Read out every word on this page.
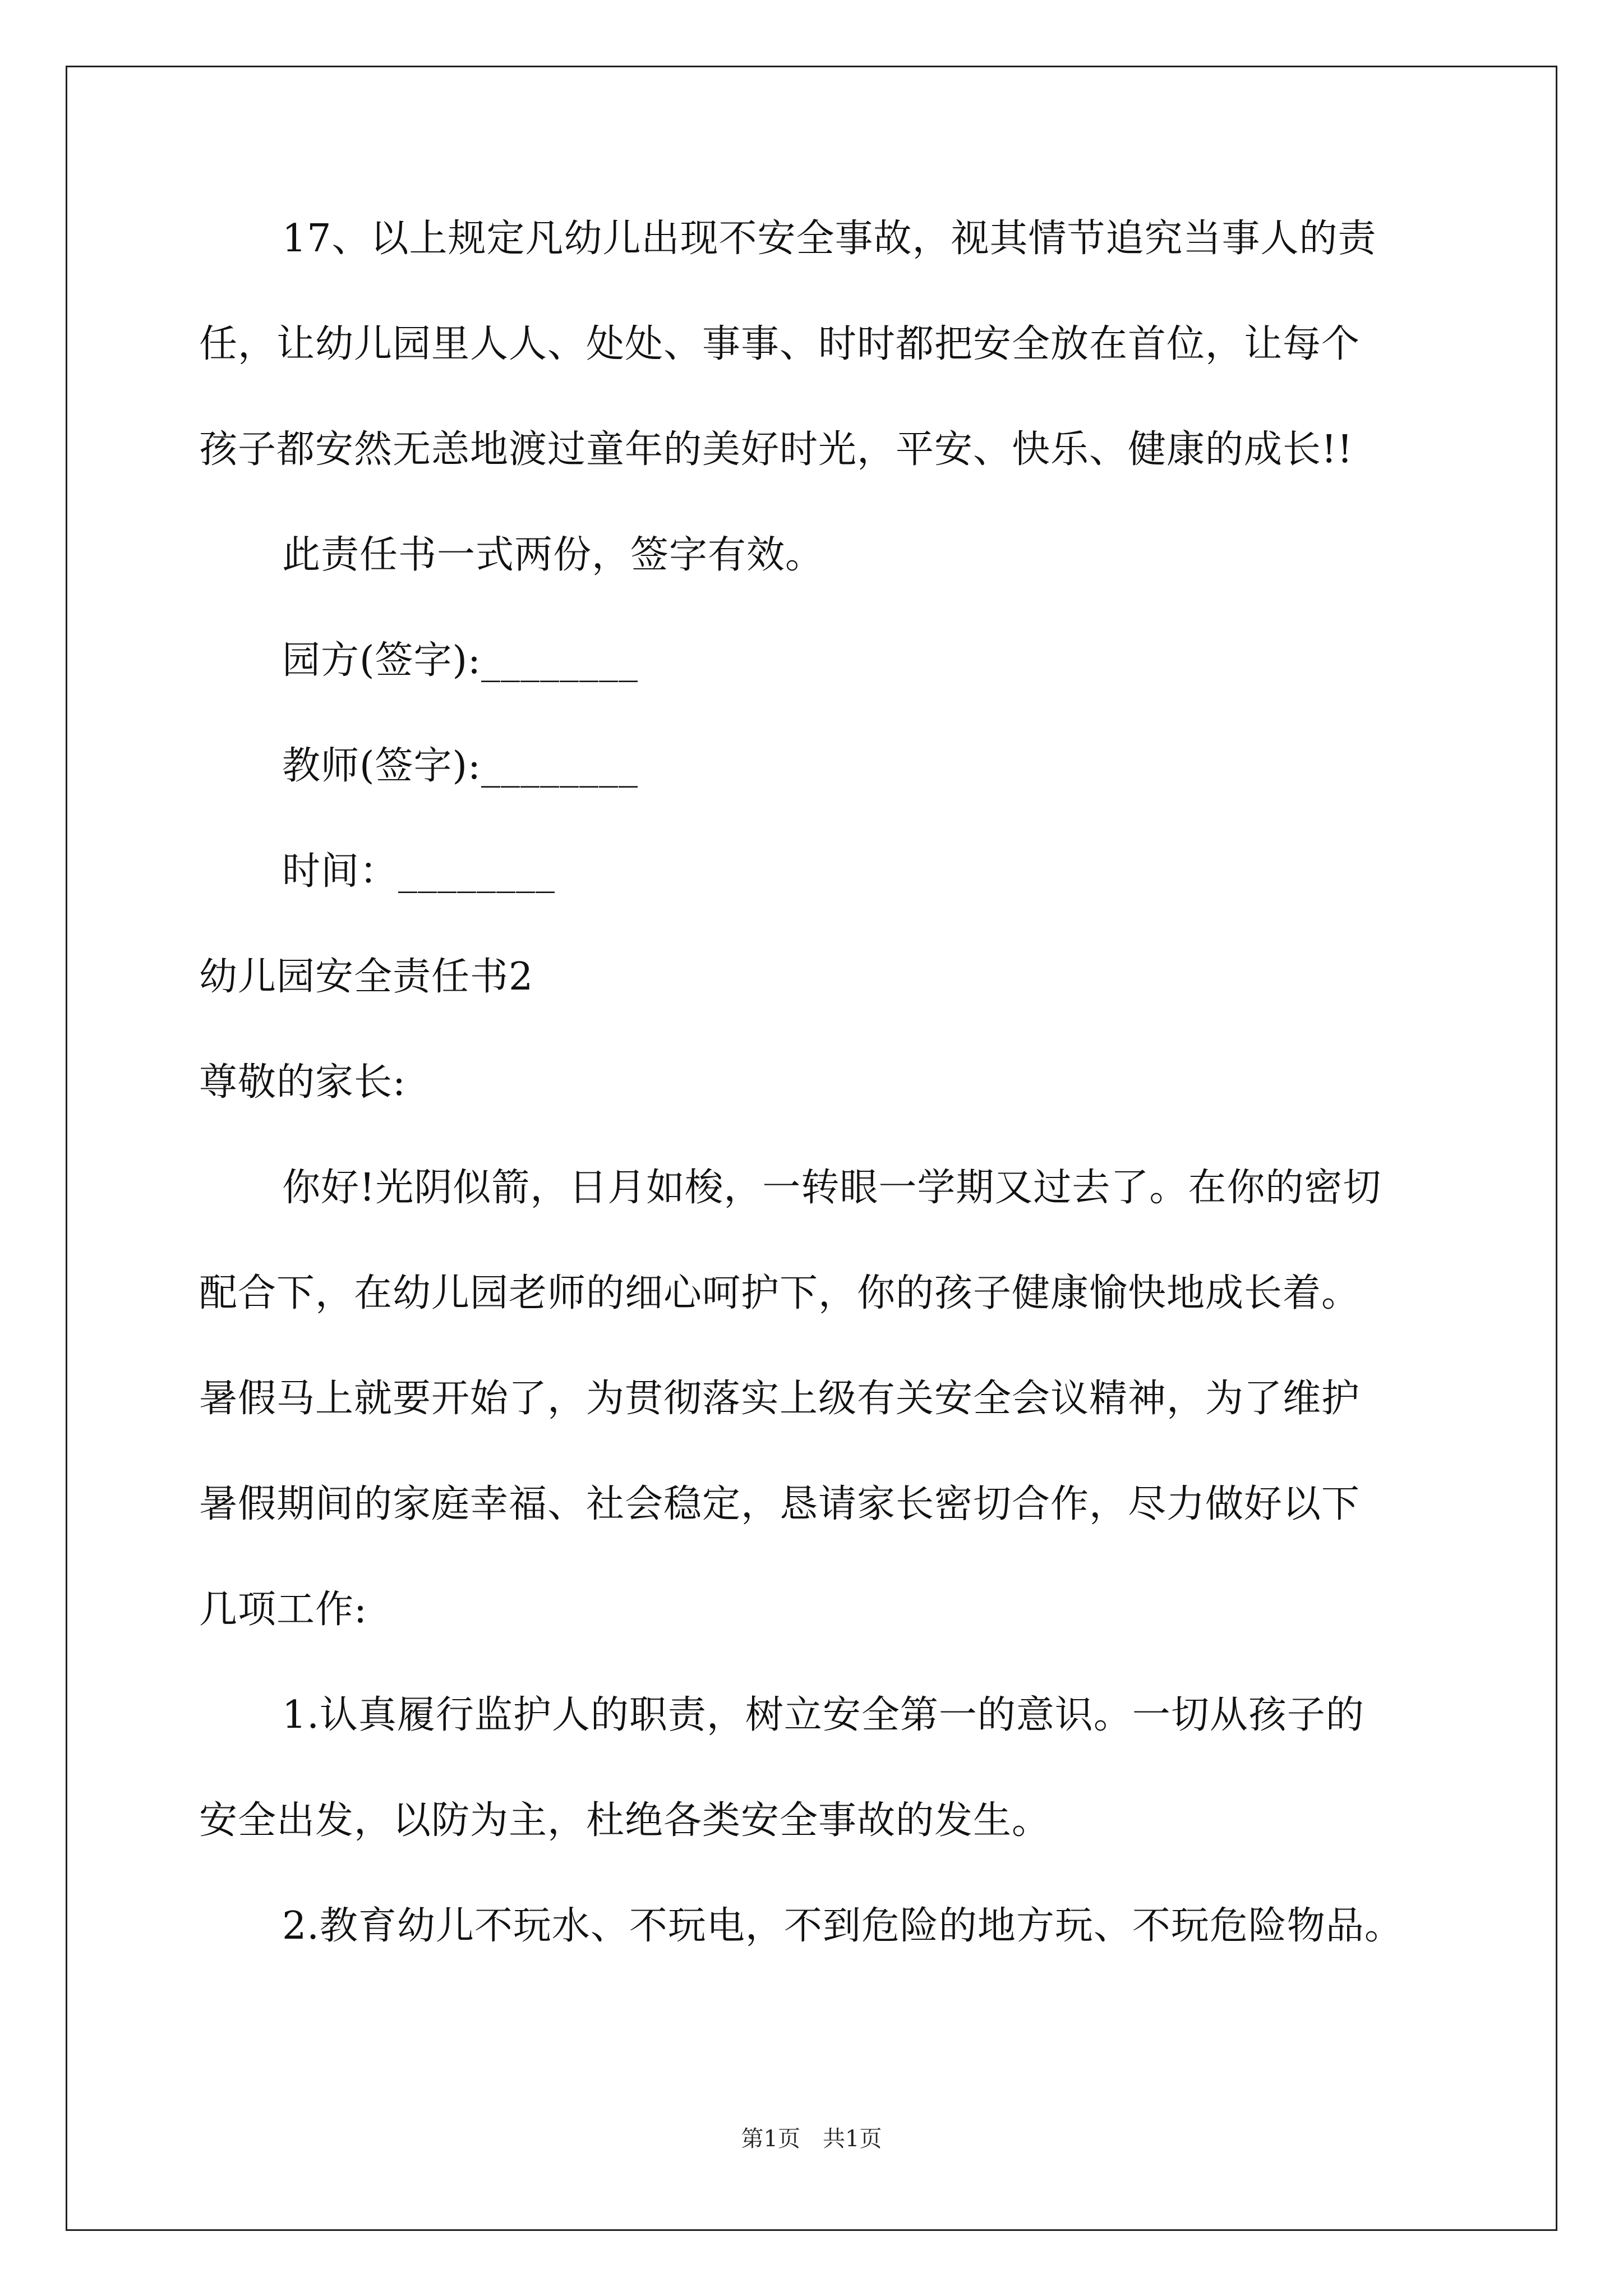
17、以上规定凡幼儿出现不安全事故，视其情节追究当事人的责
任，让幼儿园里人人、处处、事事、时时都把安全放在首位，让每个
孩子都安然无恙地渡过童年的美好时光，平安、快乐、健康的成长!!
此责任书一式两份，签字有效。
园方(签字):________
教师(签字):________
时间：________
幼儿园安全责任书2
尊敬的家长:
你好!光阴似箭，日月如梭，一转眼一学期又过去了。在你的密切
配合下，在幼儿园老师的细心呵护下，你的孩子健康愉快地成长着。
暑假马上就要开始了，为贯彻落实上级有关安全会议精神，为了维护
暑假期间的家庭幸福、社会稳定，恳请家长密切合作，尽力做好以下
几项工作:
1.认真履行监护人的职责，树立安全第一的意识。一切从孩子的
安全出发，以防为主，杜绝各类安全事故的发生。
2.教育幼儿不玩水、不玩电，不到危险的地方玩、不玩危险物品。
第1页　共1页
